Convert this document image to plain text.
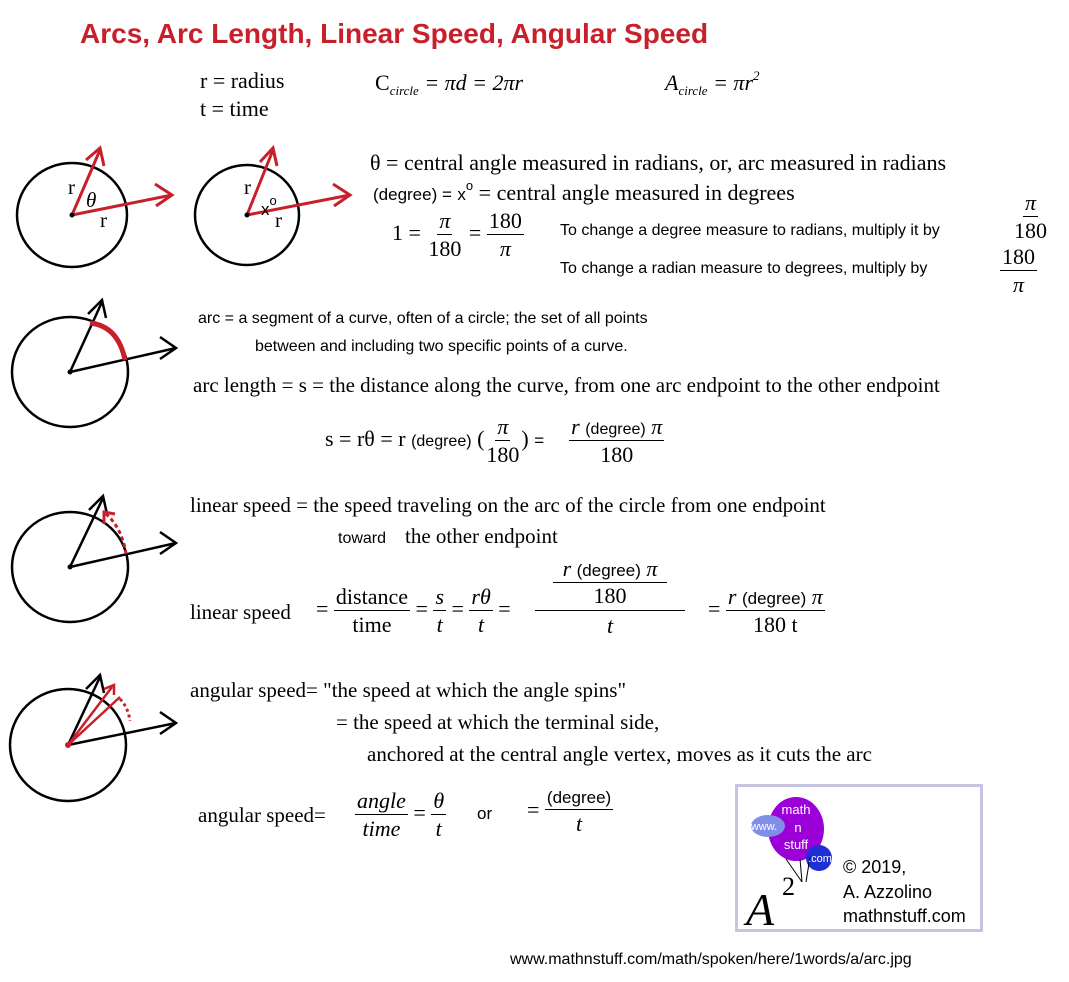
Arcs, Arc Length, Linear Speed, Angular Speed
r = radius
t = time
$C_{circle} = \pi d = 2\pi r$	$A_{circle} = \pi r^2$
r
θ
r
r
$x^o$
r
θ = central angle measured in radians, or, arc measured in radians
(degree) = $x^o$ = central angle measured in degrees
$1 = \frac{\pi}{180} = \frac{180}{\pi}$ To change a degree measure to radians, multiply it by	$\frac{\pi}{180}$
To change a radian measure to degrees, multiply by	$\frac{180}{\pi}$
arc = a segment of a curve, often of a circle; the set of all points
between and including two specific points of a curve.
arc length = s = the distance along the curve, from one arc endpoint to the other endpoint
s = rθ = r (degree) ( $\frac{\pi}{180}$ ) = $\frac{\text{r (degree) π}}{180}$
linear speed = the speed traveling on the arc of the circle from one endpoint
toward the other endpoint
linear speed = $\frac{\text{distance}}{\text{time}} = \frac{s}{t} = \frac{r\theta}{t}$ =
r (degree) π
180
t
= $\frac{\text{r (degree) π}}{180 t}$
angular speed= "the speed at which the angle spins"
= the speed at which the terminal side,
anchored at the central angle vertex, moves as it cuts the arc
angular speed= $\frac{\text{angle}}{\text{time}} = \frac{\theta}{t}$ or = $\frac{\text{(degree)}}{t}$	math
n
stuff
www.
.com
A 2
© 2019,
A. Azzolino
mathnstuff.com
www.mathnstuff.com/math/spoken/here/1words/a/arc.jpg
